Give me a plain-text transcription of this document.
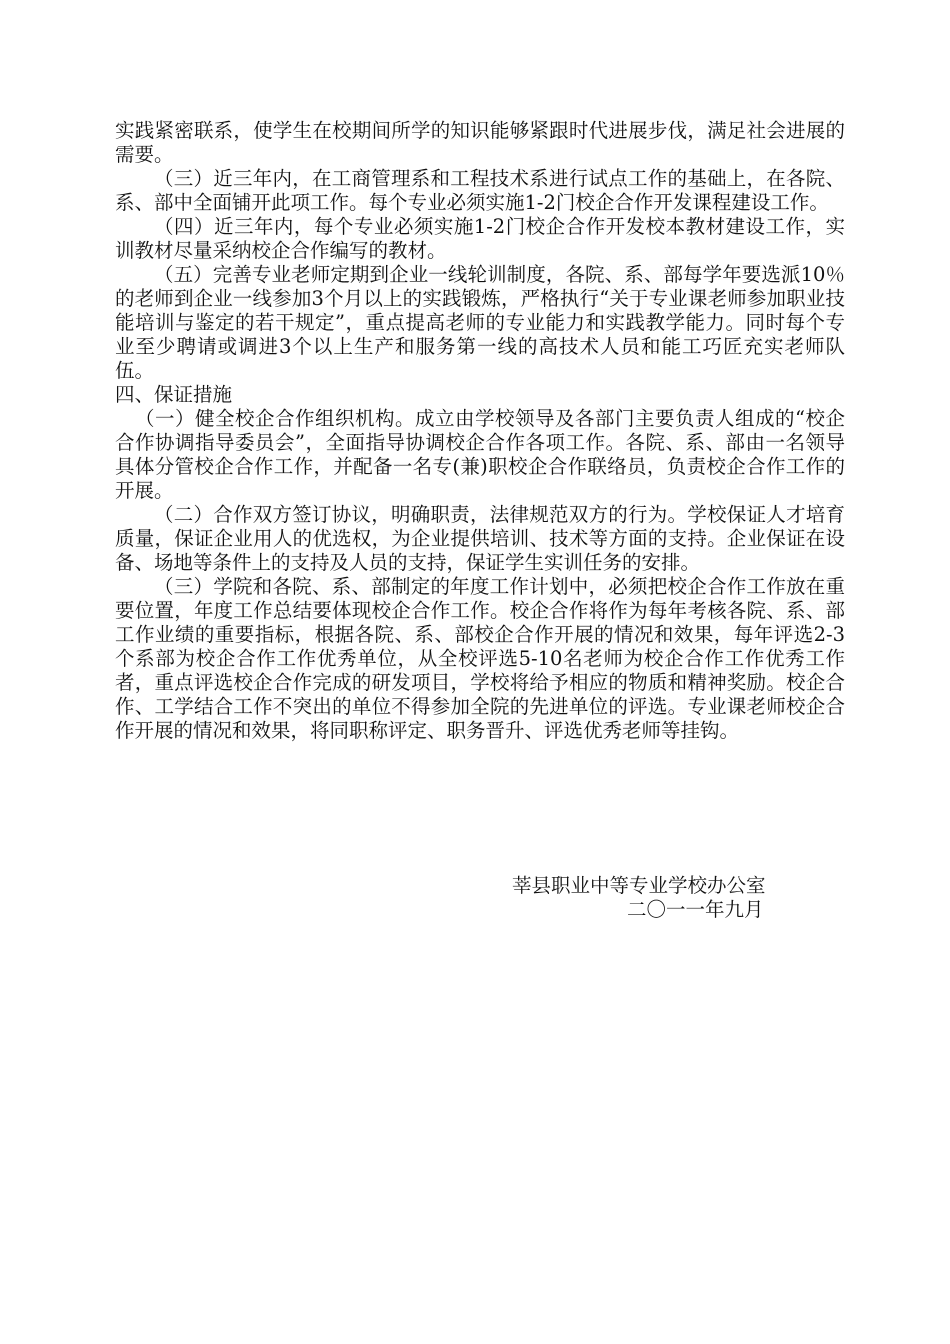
实践紧密联系，使学生在校期间所学的知识能够紧跟时代进展步伐，满足社会进展的需要。

（三）近三年内，在工商管理系和工程技术系进行试点工作的基础上，在各院、系、部中全面铺开此项工作。每个专业必须实施1-2门校企合作开发课程建设工作。

（四）近三年内，每个专业必须实施1-2门校企合作开发校本教材建设工作，实训教材尽量采纳校企合作编写的教材。

（五）完善专业老师定期到企业一线轮训制度，各院、系、部每学年要选派10％的老师到企业一线参加3个月以上的实践锻炼，严格执行“关于专业课老师参加职业技能培训与鉴定的若干规定”，重点提高老师的专业能力和实践教学能力。同时每个专业至少聘请或调进3个以上生产和服务第一线的高技术人员和能工巧匠充实老师队伍。

四、保证措施

（一）健全校企合作组织机构。成立由学校领导及各部门主要负责人组成的“校企合作协调指导委员会”，全面指导协调校企合作各项工作。各院、系、部由一名领导具体分管校企合作工作，并配备一名专(兼)职校企合作联络员，负责校企合作工作的开展。

（二）合作双方签订协议，明确职责，法律规范双方的行为。学校保证人才培育质量，保证企业用人的优选权，为企业提供培训、技术等方面的支持。企业保证在设备、场地等条件上的支持及人员的支持，保证学生实训任务的安排。

（三）学院和各院、系、部制定的年度工作计划中，必须把校企合作工作放在重要位置，年度工作总结要体现校企合作工作。校企合作将作为每年考核各院、系、部工作业绩的重要指标，根据各院、系、部校企合作开展的情况和效果，每年评选2-3个系部为校企合作工作优秀单位，从全校评选5-10名老师为校企合作工作优秀工作者，重点评选校企合作完成的研发项目，学校将给予相应的物质和精神奖励。校企合作、工学结合工作不突出的单位不得参加全院的先进单位的评选。专业课老师校企合作开展的情况和效果，将同职称评定、职务晋升、评选优秀老师等挂钩。

莘县职业中等专业学校办公室
二〇一一年九月
